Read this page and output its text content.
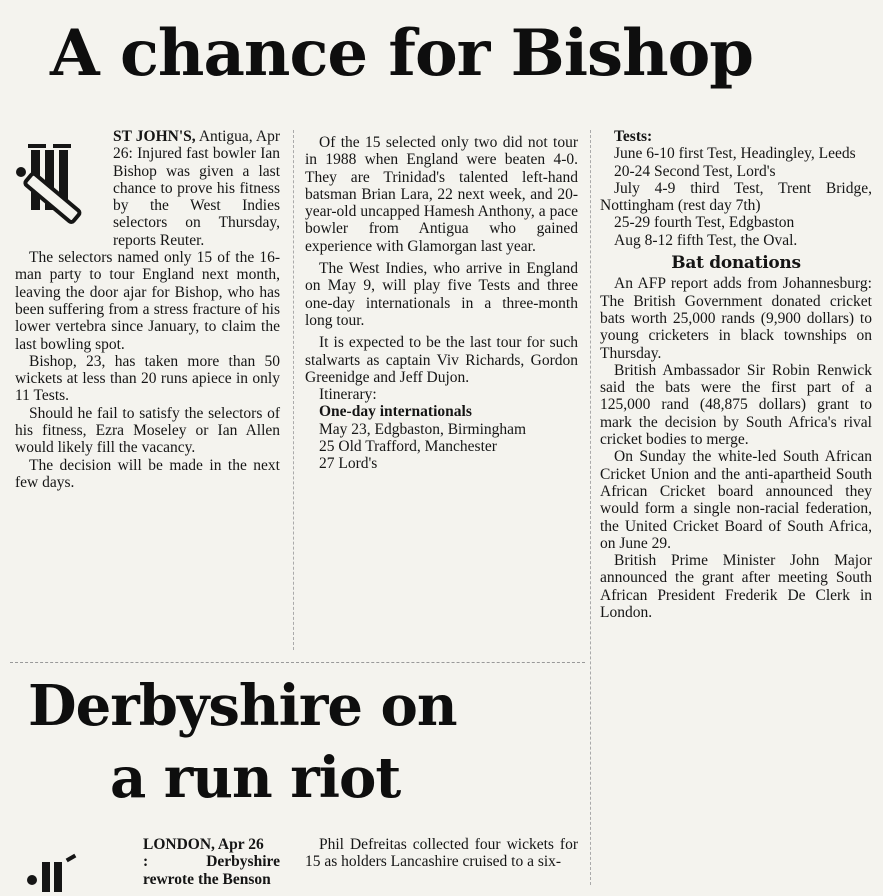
A chance for Bishop

ST JOHN'S, Antigua, Apr 26: Injured fast bowler Ian Bishop was given a last chance to prove his fitness by the West Indies selectors on Thursday, reports Reuter.

The selectors named only 15 of the 16-man party to tour England next month, leaving the door ajar for Bishop, who has been suffering from a stress fracture of his lower vertebra since January, to claim the last bowling spot.

Bishop, 23, has taken more than 50 wickets at less than 20 runs apiece in only 11 Tests.

Should he fail to satisfy the selectors of his fitness, Ezra Moseley or Ian Allen would likely fill the vacancy.

The decision will be made in the next few days.

Of the 15 selected only two did not tour in 1988 when England were beaten 4-0. They are Trinidad's talented left-hand batsman Brian Lara, 22 next week, and 20-year-old uncapped Hamesh Anthony, a pace bowler from Antigua who gained experience with Glamorgan last year.

The West Indies, who arrive in England on May 9, will play five Tests and three one-day internationals in a three-month long tour.

It is expected to be the last tour for such stalwarts as captain Viv Richards, Gordon Greenidge and Jeff Dujon.

Itinerary:

One-day internationals

May 23, Edgbaston, Birmingham

25 Old Trafford, Manchester

27 Lord's

Tests:

June 6-10 first Test, Headingley, Leeds

20-24 Second Test, Lord's

July 4-9 third Test, Trent Bridge, Nottingham (rest day 7th)

25-29 fourth Test, Edgbaston

Aug 8-12 fifth Test, the Oval.

Bat donations

An AFP report adds from Johannesburg: The British Government donated cricket bats worth 25,000 rands (9,900 dollars) to young cricketers in black townships on Thursday.

British Ambassador Sir Robin Renwick said the bats were the first part of a 125,000 rand (48,875 dollars) grant to mark the decision by South Africa's rival cricket bodies to merge.

On Sunday the white-led South African Cricket Union and the anti-apartheid South African Cricket board announced they would form a single non-racial federation, the United Cricket Board of South Africa, on June 29.

British Prime Minister John Major announced the grant after meeting South African President Frederik De Clerk in London.

Derbyshire on
a run riot

LONDON, Apr 26
: Derbyshire rewrote the Benson

Phil Defreitas collected four wickets for 15 as holders Lancashire cruised to a six-
